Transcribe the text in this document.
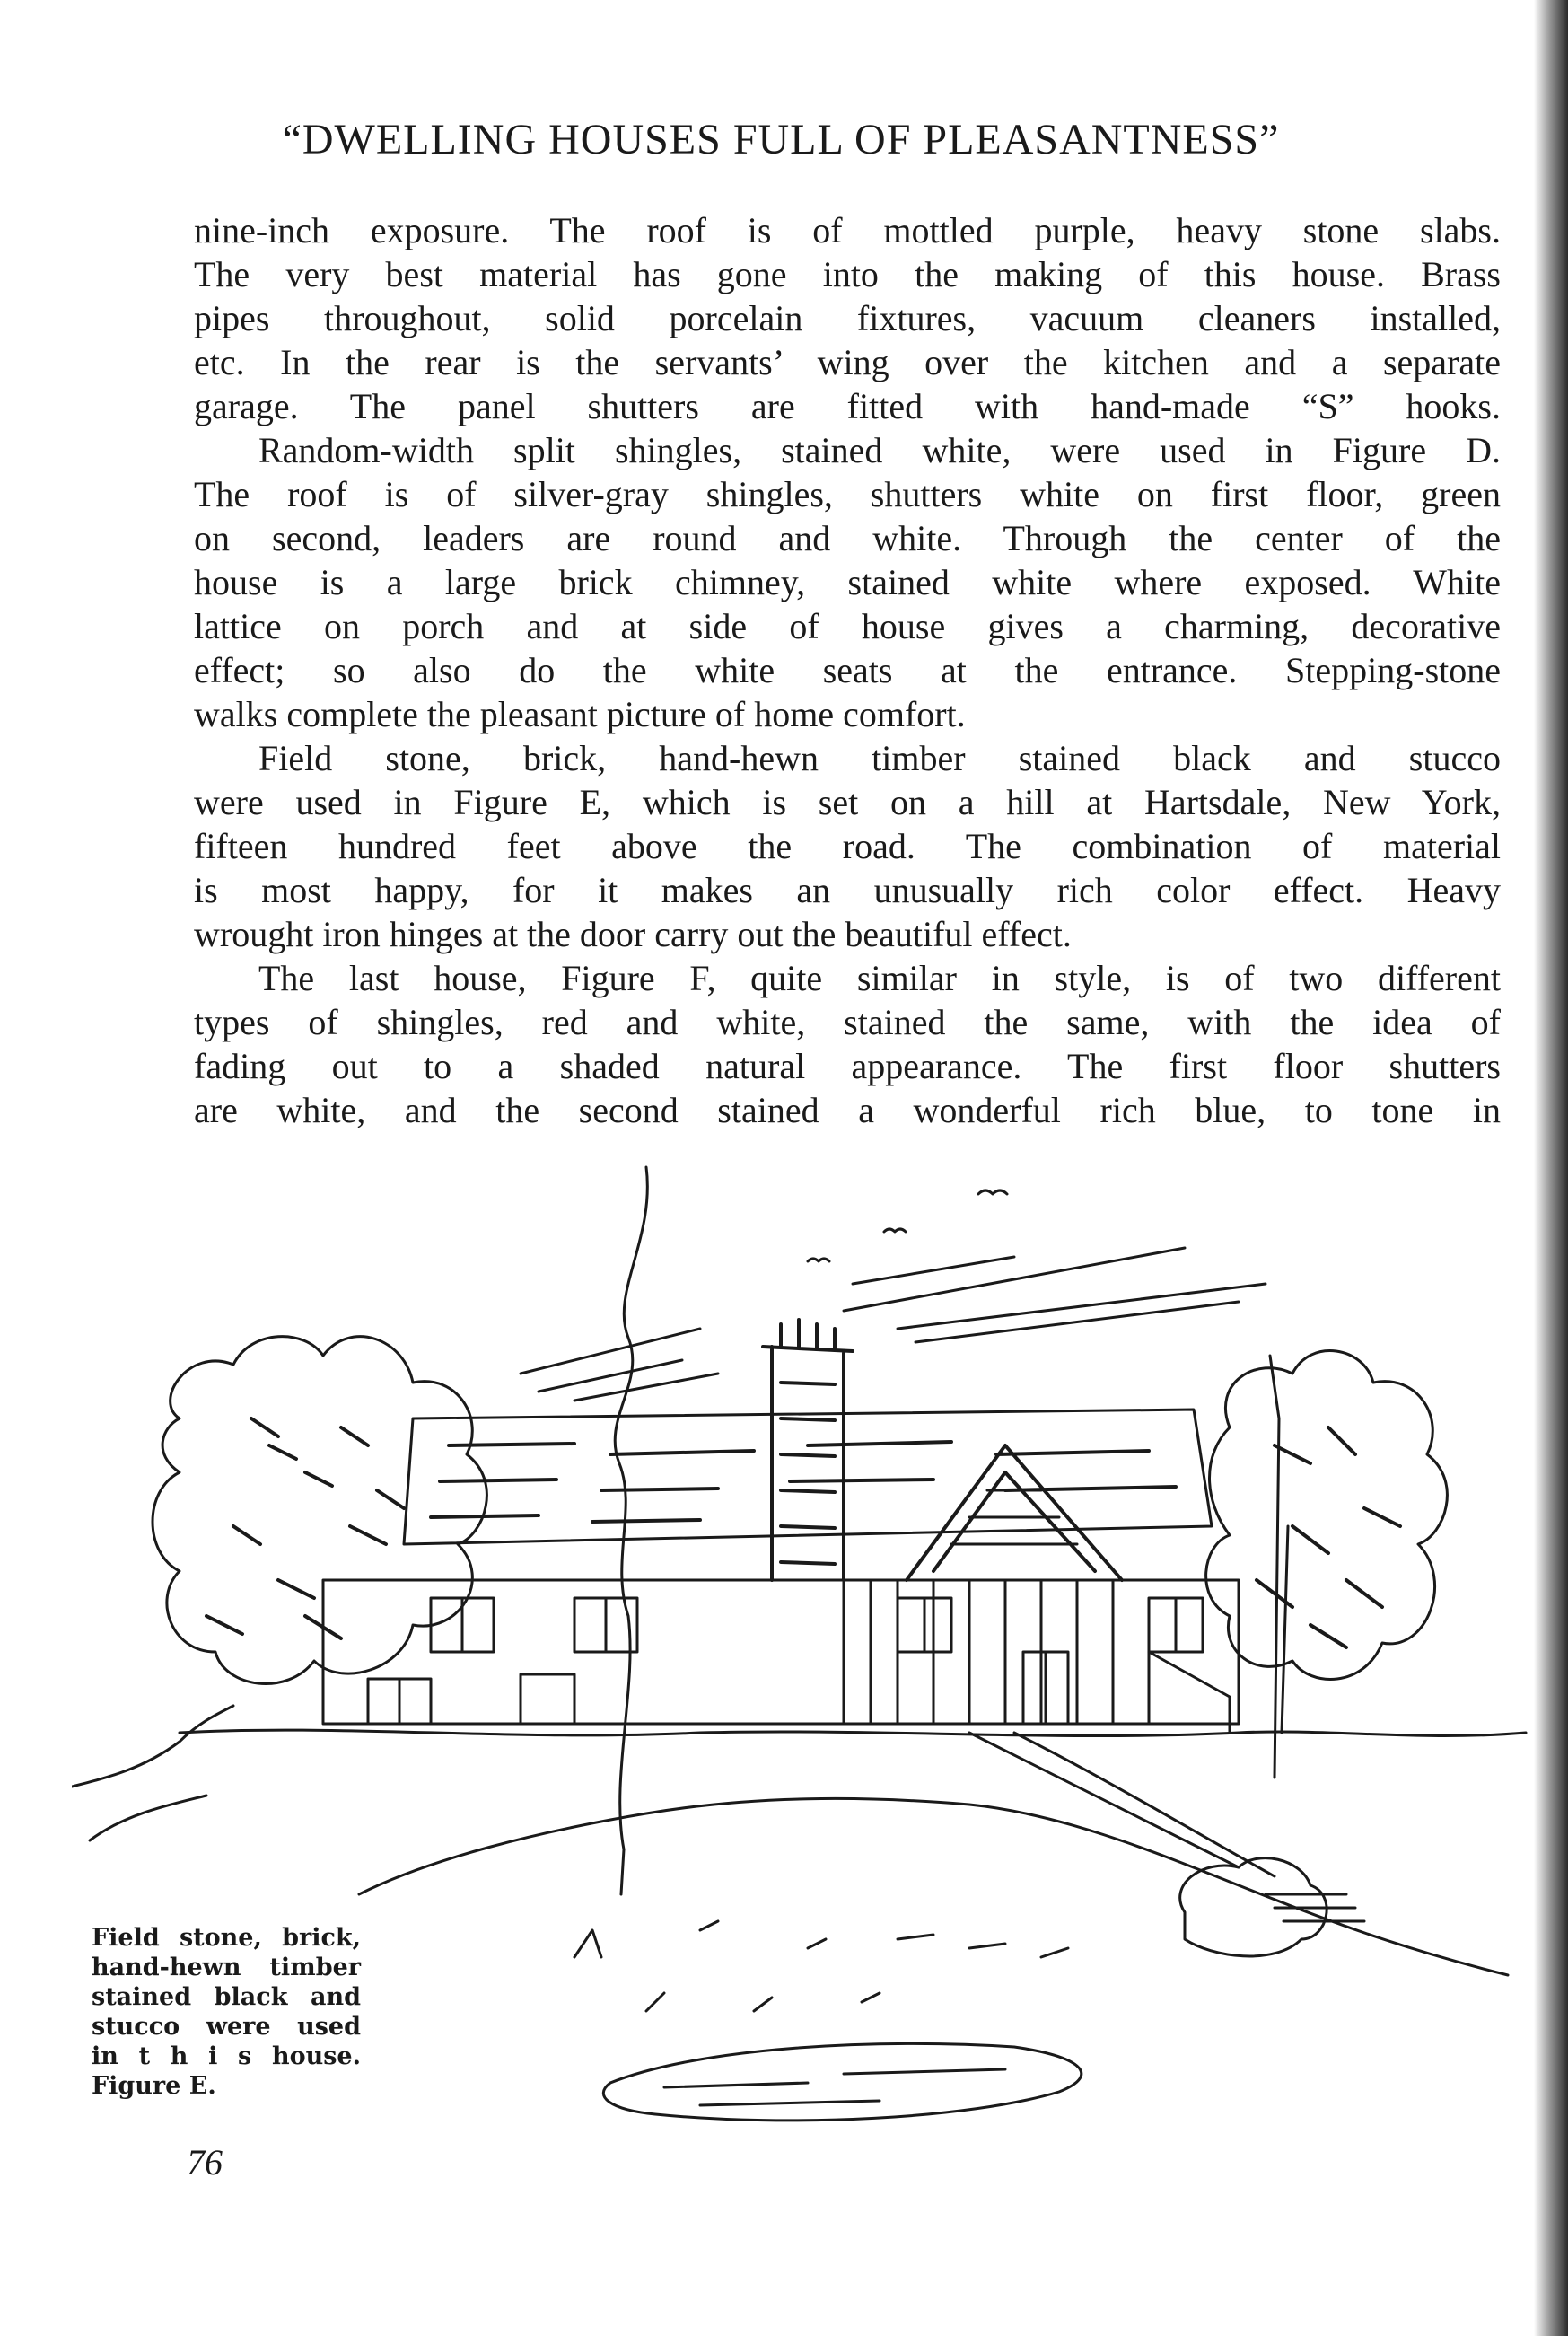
“DWELLING HOUSES FULL OF PLEASANTNESS”
nine-inch exposure. The roof is of mottled purple, heavy stone slabs.
The very best material has gone into the making of this house. Brass
pipes throughout, solid porcelain fixtures, vacuum cleaners installed,
etc. In the rear is the servants’ wing over the kitchen and a separate
garage. The panel shutters are fitted with hand-made “S” hooks.
Random-width split shingles, stained white, were used in Figure D.
The roof is of silver-gray shingles, shutters white on first floor, green
on second, leaders are round and white. Through the center of the
house is a large brick chimney, stained white where exposed. White
lattice on porch and at side of house gives a charming, decorative
effect; so also do the white seats at the entrance. Stepping-stone
walks complete the pleasant picture of home comfort.
Field stone, brick, hand-hewn timber stained black and stucco
were used in Figure E, which is set on a hill at Hartsdale, New York,
fifteen hundred feet above the road. The combination of material
is most happy, for it makes an unusually rich color effect. Heavy
wrought iron hinges at the door carry out the beautiful effect.
The last house, Figure F, quite similar in style, is of two different
types of shingles, red and white, stained the same, with the idea of
fading out to a shaded natural appearance. The first floor shutters
are white, and the second stained a wonderful rich blue, to tone in
Field stone, brick,
hand-hewn timber
stained black and
stucco were used
in t h i s house.
Figure E.
76
